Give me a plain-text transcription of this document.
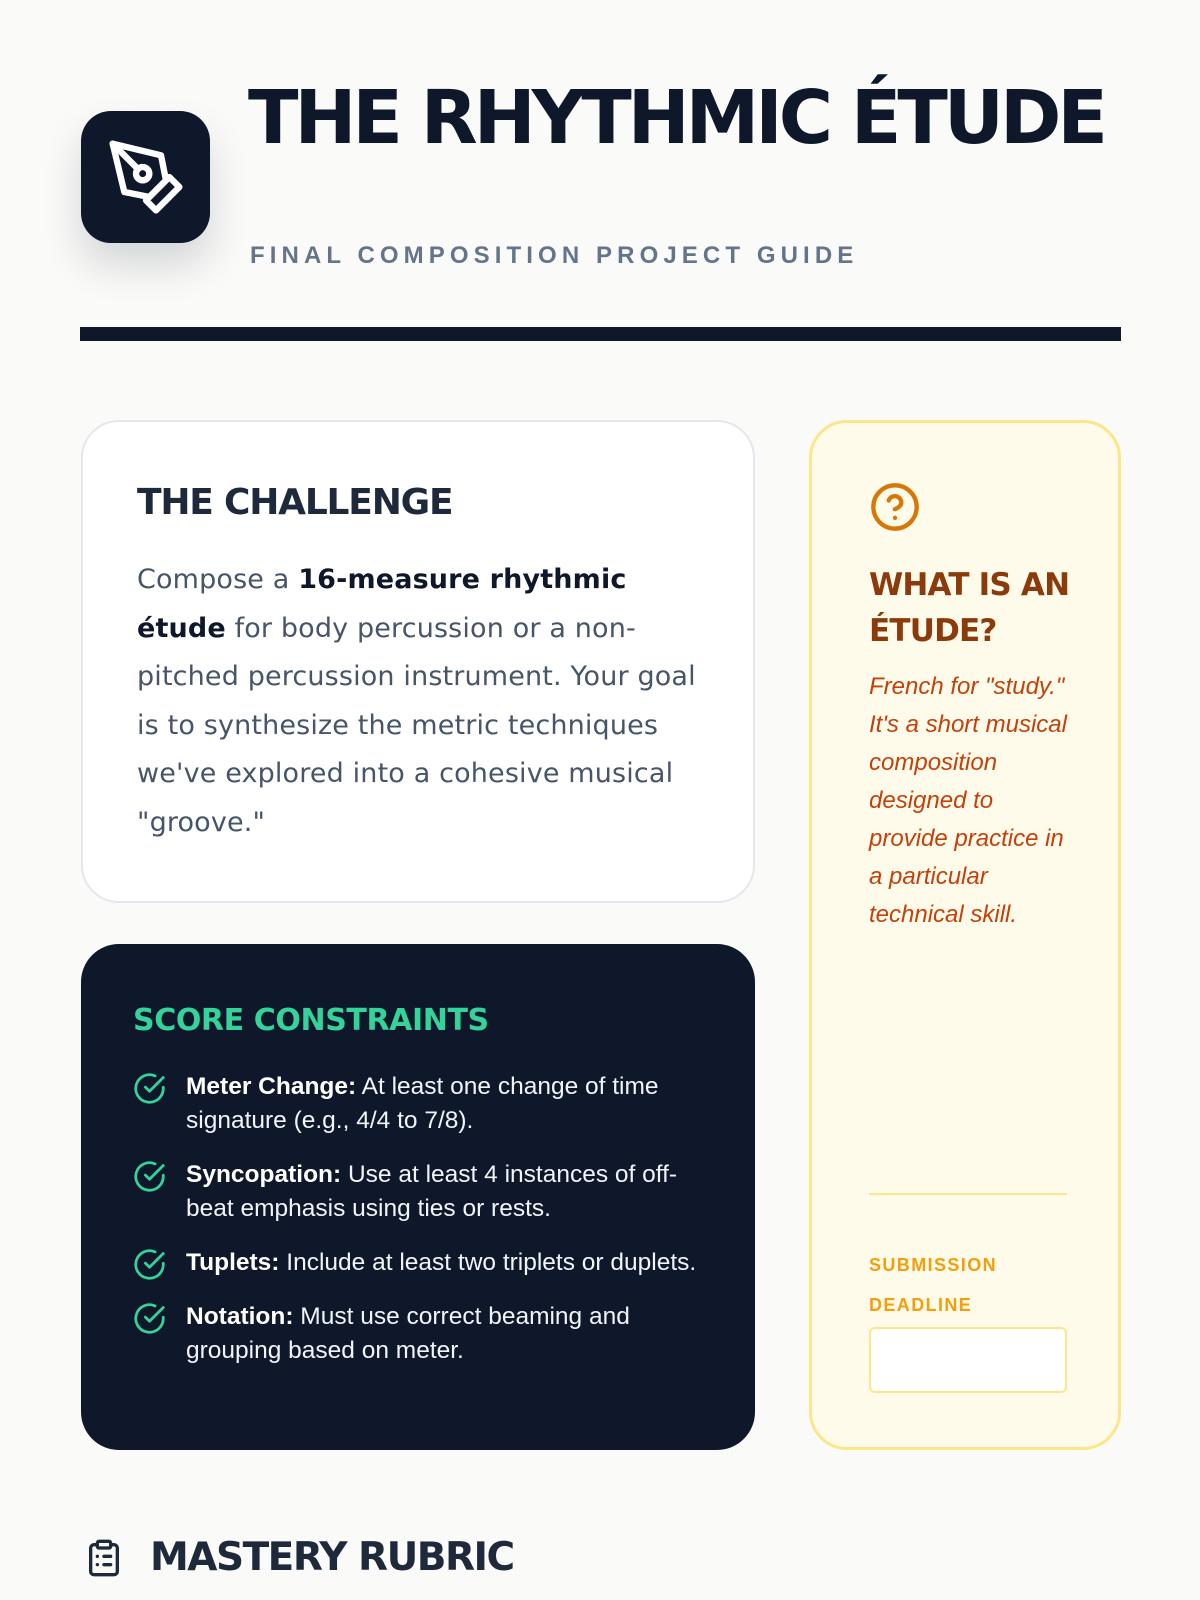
THE RHYTHMIC ÉTUDE
FINAL COMPOSITION PROJECT GUIDE
THE CHALLENGE

Compose a 16-measure rhythmic étude for body percussion or a non-pitched percussion instrument. Your goal is to synthesize the metric techniques we've explored into a cohesive musical "groove."

SCORE CONSTRAINTS
Meter Change: At least one change of time signature (e.g., 4/4 to 7/8).
Syncopation: Use at least 4 instances of off-beat emphasis using ties or rests.
Tuplets: Include at least two triplets or duplets.
Notation: Must use correct beaming and grouping based on meter.
WHAT IS AN ÉTUDE?

French for "study." It's a short musical composition designed to provide practice in a particular technical skill.

SUBMISSION DEADLINE
MASTERY RUBRIC
